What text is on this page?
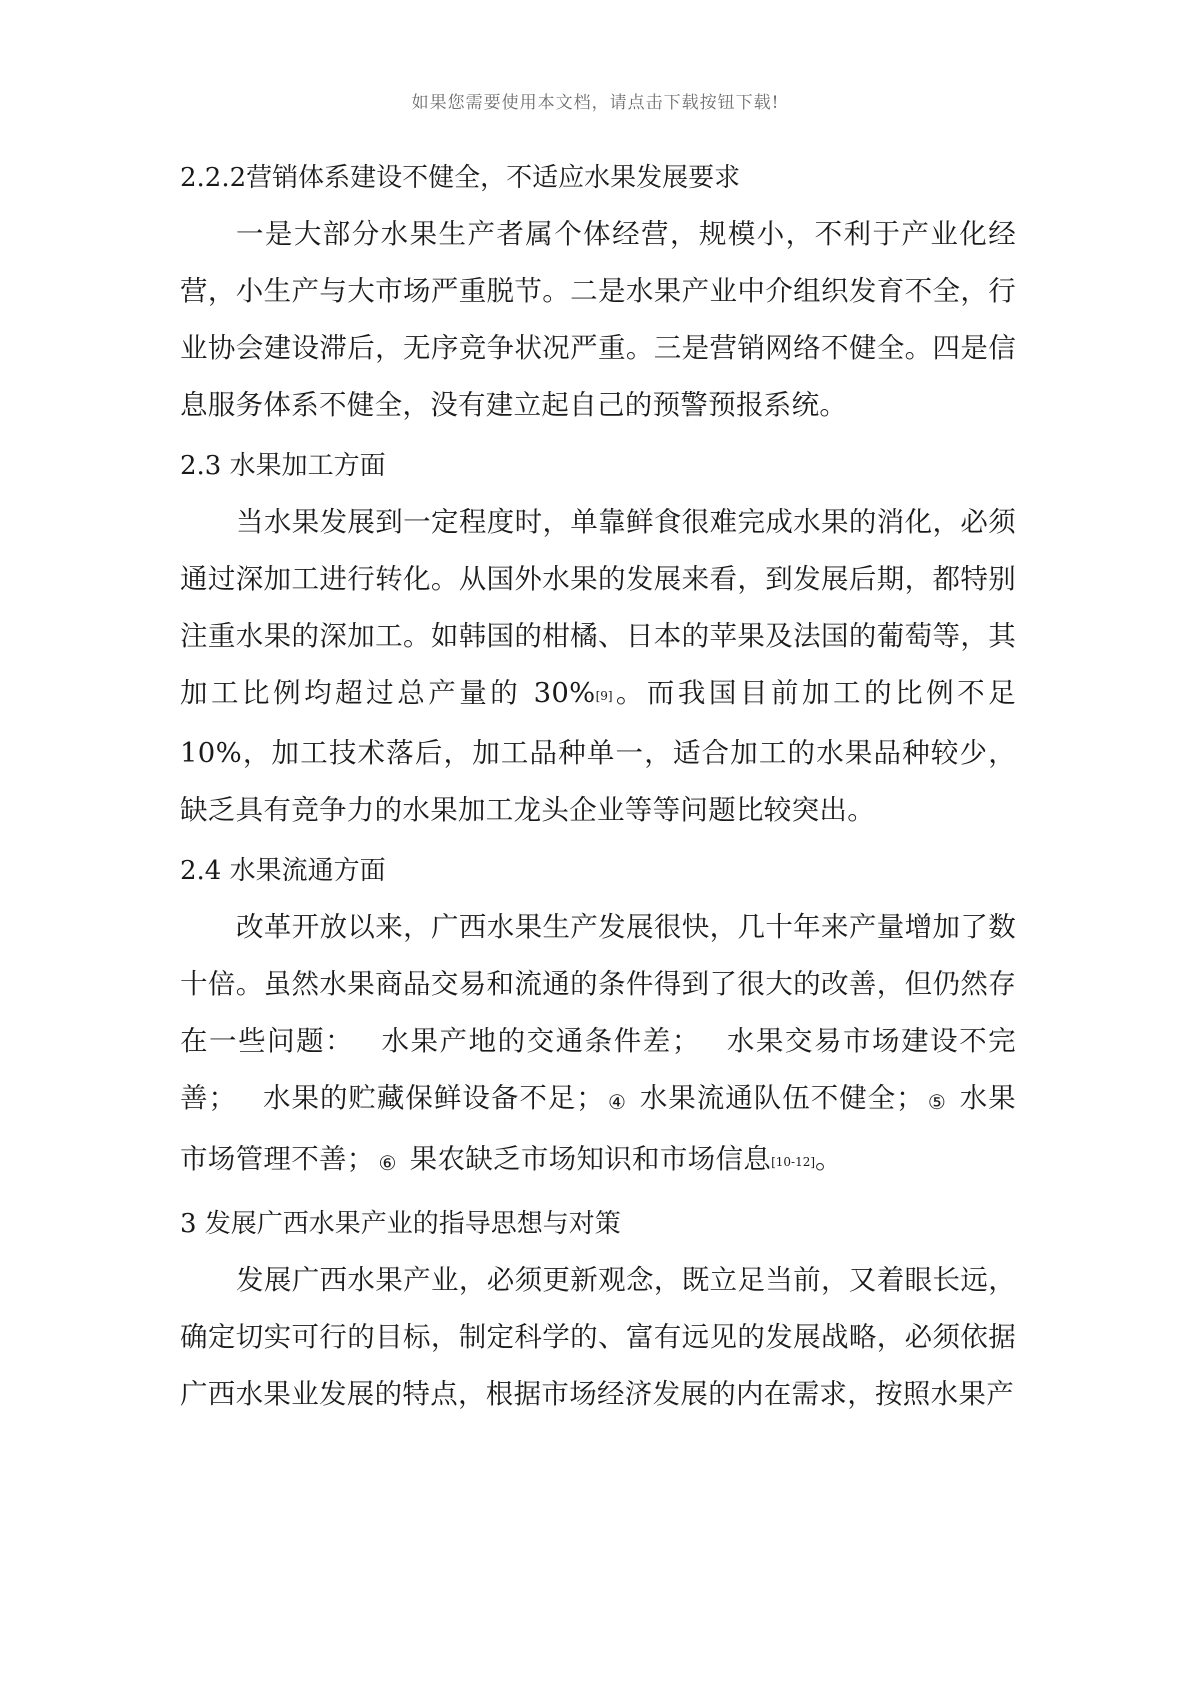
如果您需要使用本文档，请点击下载按钮下载!
2.2.2营销体系建设不健全，不适应水果发展要求

一是大部分水果生产者属个体经营，规模小，不利于产业化经营，小生产与大市场严重脱节。二是水果产业中介组织发育不全，行业协会建设滞后，无序竞争状况严重。三是营销网络不健全。四是信息服务体系不健全，没有建立起自己的预警预报系统。

2.3 水果加工方面

当水果发展到一定程度时，单靠鲜食很难完成水果的消化，必须通过深加工进行转化。从国外水果的发展来看，到发展后期，都特别注重水果的深加工。如韩国的柑橘、日本的苹果及法国的葡萄等，其加工比例均超过总产量的 30%[9]。而我国目前加工的比例不足 10%，加工技术落后，加工品种单一，适合加工的水果品种较少，缺乏具有竞争力的水果加工龙头企业等等问题比较突出。

2.4 水果流通方面

改革开放以来，广西水果生产发展很快，几十年来产量增加了数十倍。虽然水果商品交易和流通的条件得到了很大的改善，但仍然存在一些问题： 水果产地的交通条件差； 水果交易市场建设不完善； 水果的贮藏保鲜设备不足； ④ 水果流通队伍不健全； ⑤ 水果市场管理不善； ⑥ 果农缺乏市场知识和市场信息[10-12]。

3 发展广西水果产业的指导思想与对策

发展广西水果产业，必须更新观念，既立足当前，又着眼长远，确定切实可行的目标，制定科学的、富有远见的发展战略，必须依据广西水果业发展的特点，根据市场经济发展的内在需求，按照水果产
